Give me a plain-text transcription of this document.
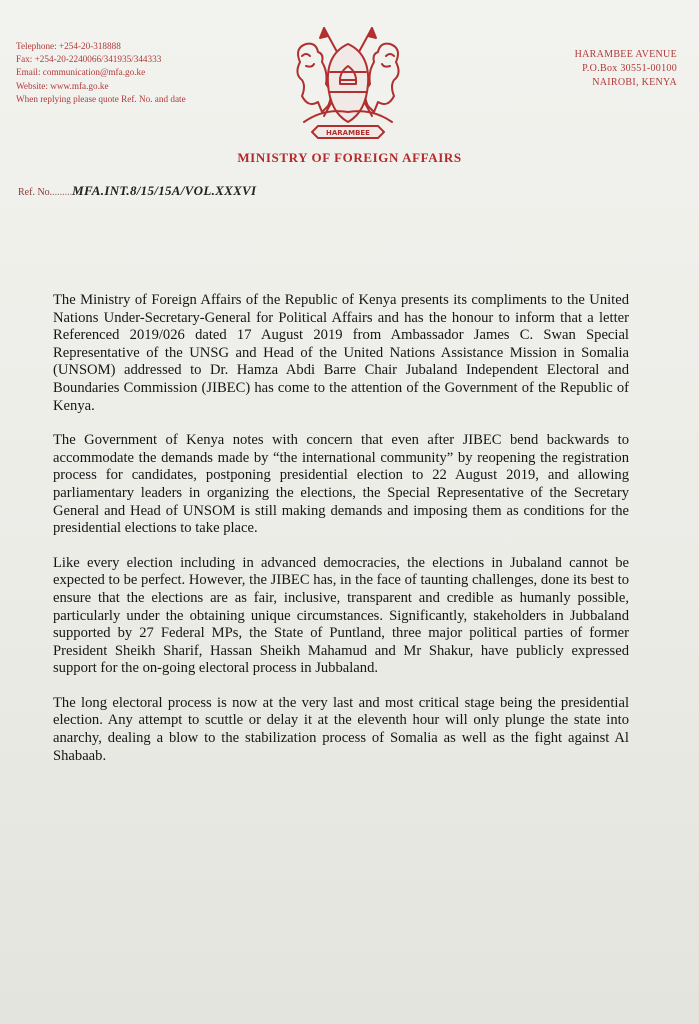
Telephone: +254-20-318888
Fax: +254-20-2240066/341935/344333
Email: communication@mfa.go.ke
Website: www.mfa.go.ke
When replying please quote Ref. No. and date
HARAMBEE
HARAMBEE AVENUE
P.O.Box 30551-00100
NAIROBI, KENYA
MINISTRY OF FOREIGN AFFAIRS
Ref. No.........MFA.INT.8/15/15A/VOL.XXXVI

The Ministry of Foreign Affairs of the Republic of Kenya presents its compliments to the United Nations Under-Secretary-General for Political Affairs and has the honour to inform that a letter Referenced 2019/026 dated 17 August 2019 from Ambassador James C. Swan Special Representative of the UNSG and Head of the United Nations Assistance Mission in Somalia (UNSOM) addressed to Dr. Hamza Abdi Barre Chair Jubaland Independent Electoral and Boundaries Commission (JIBEC) has come to the attention of the Government of the Republic of Kenya.

The Government of Kenya notes with concern that even after JIBEC bend backwards to accommodate the demands made by “the international community” by reopening the registration process for candidates, postponing presidential election to 22 August 2019, and allowing parliamentary leaders in organizing the elections, the Special Representative of the Secretary General and Head of UNSOM is still making demands and imposing them as conditions for the presidential elections to take place.

Like every election including in advanced democracies, the elections in Jubaland cannot be expected to be perfect. However, the JIBEC has, in the face of taunting challenges, done its best to ensure that the elections are as fair, inclusive, transparent and credible as humanly possible, particularly under the obtaining unique circumstances. Significantly, stakeholders in Jubbaland supported by 27 Federal MPs, the State of Puntland, three major political parties of former President Sheikh Sharif, Hassan Sheikh Mahamud and Mr Shakur, have publicly expressed support for the on-going electoral process in Jubbaland.

The long electoral process is now at the very last and most critical stage being the presidential election. Any attempt to scuttle or delay it at the eleventh hour will only plunge the state into anarchy, dealing a blow to the stabilization process of Somalia as well as the fight against Al Shabaab.
